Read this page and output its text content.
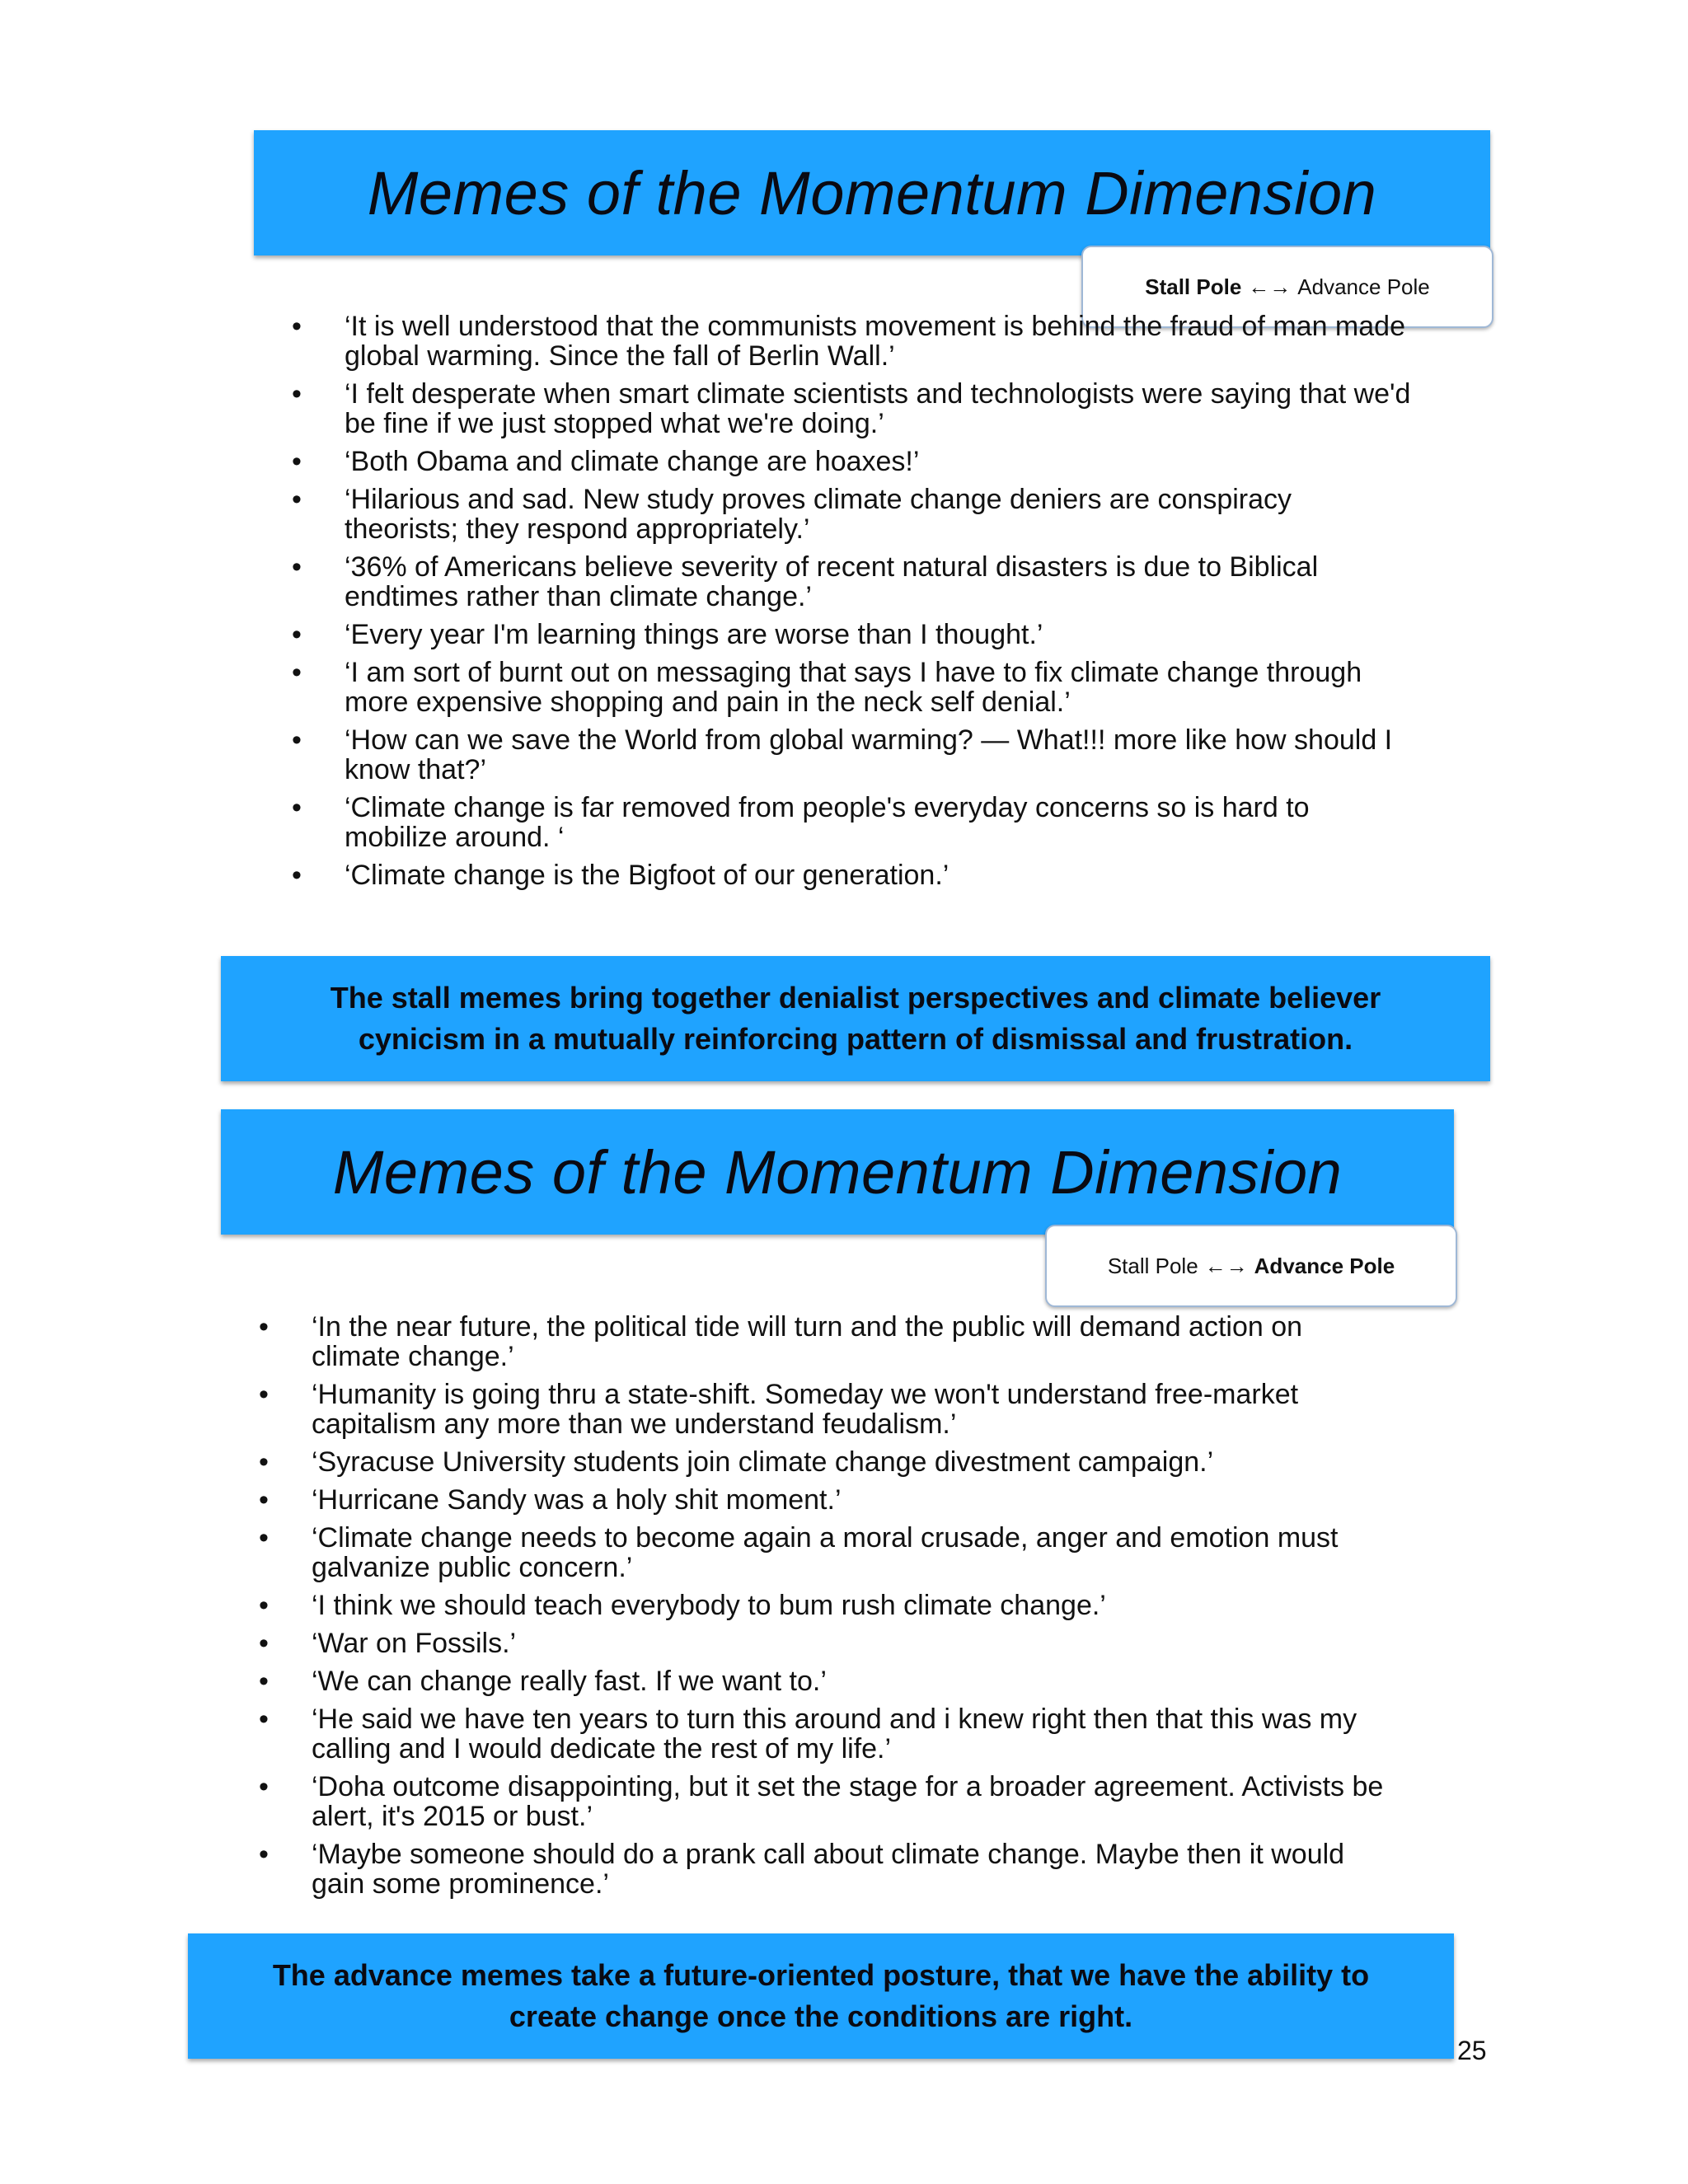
Memes of the Momentum Dimension
Stall Pole ←→ Advance Pole
• ‘It is well understood that the communists movement is behind the fraud of man made global warming. Since the fall of Berlin Wall.’
• ‘I felt desperate when smart climate scientists and technologists were saying that we'd be fine if we just stopped what we're doing.’
• ‘Both Obama and climate change are hoaxes!’
• ‘Hilarious and sad. New study proves climate change deniers are conspiracy theorists; they respond appropriately.’
• ‘36% of Americans believe severity of recent natural disasters is due to Biblical endtimes rather than climate change.’
• ‘Every year I'm learning things are worse than I thought.’
• ‘I am sort of burnt out on messaging that says I have to fix climate change through more expensive shopping and pain in the neck self denial.’
• ‘How can we save the World from global warming? — What!!! more like how should I know that?’
• ‘Climate change is far removed from people's everyday concerns so is hard to mobilize around. ‘
• ‘Climate change is the Bigfoot of our generation.’
The stall memes bring together denialist perspectives and climate believer cynicism in a mutually reinforcing pattern of dismissal and frustration.
Memes of the Momentum Dimension
Stall Pole ←→ Advance Pole
• ‘In the near future, the political tide will turn and the public will demand action on climate change.’
• ‘Humanity is going thru a state-shift. Someday we won't understand free-market capitalism any more than we understand feudalism.’
• ‘Syracuse University students join climate change divestment campaign.’
• ‘Hurricane Sandy was a holy shit moment.’
• ‘Climate change needs to become again a moral crusade, anger and emotion must galvanize public concern.’
• ‘I think we should teach everybody to bum rush climate change.’
• ‘War on Fossils.’
• ‘We can change really fast. If we want to.’
• ‘He said we have ten years to turn this around and i knew right then that this was my calling and I would dedicate the rest of my life.’
• ‘Doha outcome disappointing, but it set the stage for a broader agreement. Activists be alert, it's 2015 or bust.’
• ‘Maybe someone should do a prank call about climate change. Maybe then it would gain some prominence.’
The advance memes take a future-oriented posture, that we have the ability to create change once the conditions are right.
25
